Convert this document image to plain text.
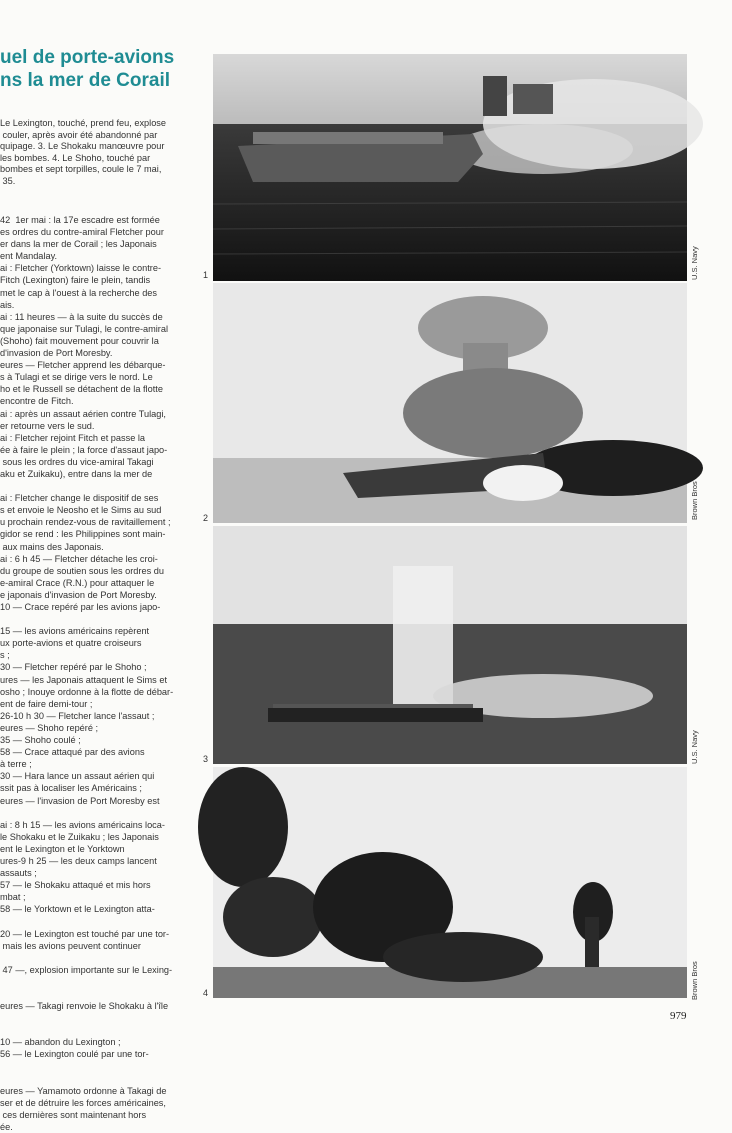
uel de porte-avions
ns la mer de Corail
Le Lexington, touché, prend feu, explose
couler, après avoir été abandonné par
quipage. 3. Le Shokaku manœuvre pour
les bombes. 4. Le Shoho, touché par
bombes et sept torpilles, coule le 7 mai,
35.
42  1er mai : la 17e escadre est formée
es ordres du contre-amiral Fletcher pour
er dans la mer de Corail ; les Japonais
ent Mandalay.
ai : Fletcher (Yorktown) laisse le contre-
Fitch (Lexington) faire le plein, tandis
met le cap à l'ouest à la recherche des
ais.
ai : 11 heures — à la suite du succès de
que japonaise sur Tulagi, le contre-amiral
(Shoho) fait mouvement pour couvrir la
d'invasion de Port Moresby.
eures — Fletcher apprend les débarque-
s à Tulagi et se dirige vers le nord. Le
ho et le Russell se détachent de la flotte
encontre de Fitch.
ai : après un assaut aérien contre Tulagi,
er retourne vers le sud.
ai : Fletcher rejoint Fitch et passe la
ée à faire le plein ; la force d'assaut japo-
sous les ordres du vice-amiral Takagi
aku et Zuikaku), entre dans la mer de
ai : Fletcher change le dispositif de ses
s et envoie le Neosho et le Sims au sud
u prochain rendez-vous de ravitaillement ;
gidor se rend : les Philippines sont main-
aux mains des Japonais.
ai : 6 h 45 — Fletcher détache les croi-
du groupe de soutien sous les ordres du
e-amiral Crace (R.N.) pour attaquer le
e japonais d'invasion de Port Moresby.
10 — Crace repéré par les avions japo-
15 — les avions américains repèrent
ux porte-avions et quatre croiseurs
s ;
30 — Fletcher repéré par le Shoho ;
ures — les Japonais attaquent le Sims et
osho ; Inouye ordonne à la flotte de débar-
ent de faire demi-tour ;
26-10 h 30 — Fletcher lance l'assaut ;
eures — Shoho repéré ;
35 — Shoho coulé ;
58 — Crace attaqué par des avions
à terre ;
30 — Hara lance un assaut aérien qui
ssit pas à localiser les Américains ;
eures — l'invasion de Port Moresby est
ai : 8 h 15 — les avions américains loca-
le Shokaku et le Zuikaku ; les Japonais
ent le Lexington et le Yorktown
ures-9 h 25 — les deux camps lancent
assauts ;
57 — le Shokaku attaqué et mis hors
mbat ;
58 — le Yorktown et le Lexington atta-
20 — le Lexington est touché par une tor-
mais les avions peuvent continuer
47 —, explosion importante sur le Lexing-
eures — Takagi renvoie le Shokaku à l'île
10 — abandon du Lexington ;
56 — le Lexington coulé par une tor-
eures — Yamamoto ordonne à Takagi de
ser et de détruire les forces américaines,
ces dernières sont maintenant hors
ée.
1	U.S. Navy
2	Brown Bros
3	U.S. Navy
4	Brown Bros
979
